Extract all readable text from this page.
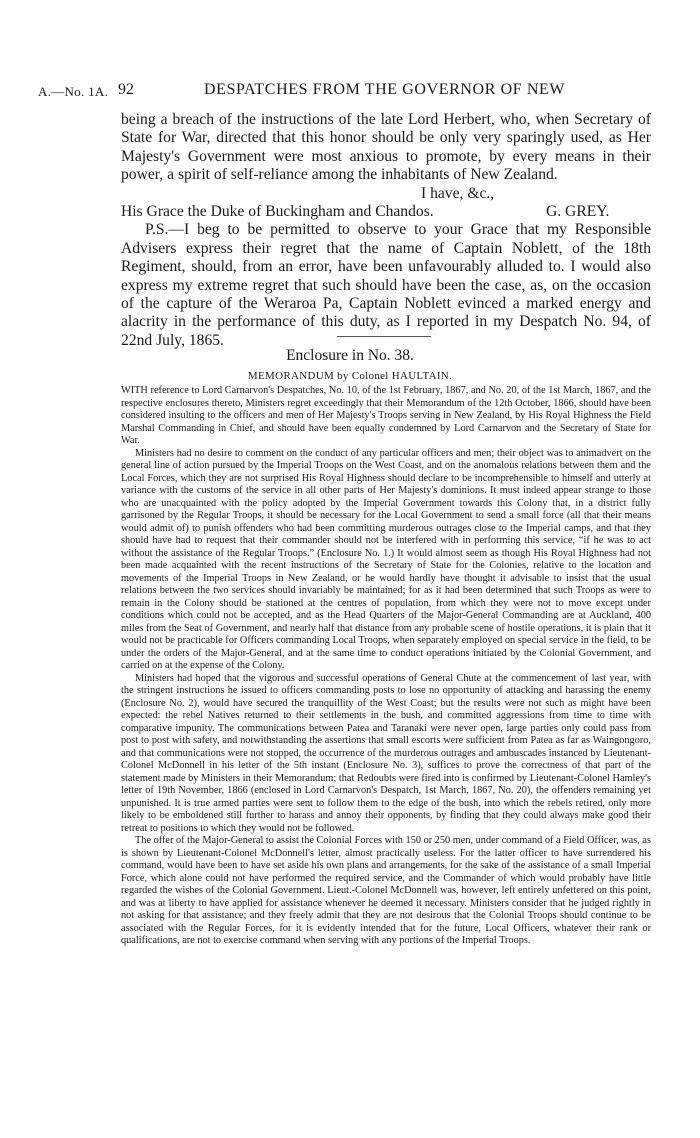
A.—No. 1A. 92	DESPATCHES FROM THE GOVERNOR OF NEW

being a breach of the instructions of the late Lord Herbert, who, when Secretary of State for War, directed that this honor should be only very sparingly used, as Her Majesty's Government were most anxious to promote, by every means in their power, a spirit of self-reliance among the inhabitants of New Zealand.

I have, &c.,
His Grace the Duke of Buckingham and Chandos.	G. GREY.

P.S.—I beg to be permitted to observe to your Grace that my Responsible Advisers express their regret that the name of Captain Noblett, of the 18th Regiment, should, from an error, have been unfavourably alluded to. I would also express my extreme regret that such should have been the case, as, on the occasion of the capture of the Weraroa Pa, Captain Noblett evinced a marked energy and alacrity in the performance of this duty, as I reported in my Despatch No. 94, of 22nd July, 1865.

Enclosure in No. 38.
MEMORANDUM by Colonel HAULTAIN.

WITH reference to Lord Carnarvon's Despatches, No. 10, of the 1st February, 1867, and No. 20, of the 1st March, 1867, and the respective enclosures thereto, Ministers regret exceedingly that their Memorandum of the 12th October, 1866, should have been considered insulting to the officers and men of Her Majesty's Troops serving in New Zealand, by His Royal Highness the Field Marshal Commanding in Chief, and should have been equally condemned by Lord Carnarvon and the Secretary of State for War.

Ministers had no desire to comment on the conduct of any particular officers and men; their object was to animadvert on the general line of action pursued by the Imperial Troops on the West Coast, and on the anomalous relations between them and the Local Forces, which they are not surprised His Royal Highness should declare to be incomprehensible to himself and utterly at variance with the customs of the service in all other parts of Her Majesty's dominions. It must indeed appear strange to those who are unacquainted with the policy adopted by the Imperial Government towards this Colony that, in a district fully garrisoned by the Regular Troops, it should be necessary for the Local Government to send a small force (all that their means would admit of) to punish offenders who had been committing murderous outrages close to the Imperial camps, and that they should have had to request that their commander should not be interfered with in performing this service, “if he was to act without the assistance of the Regular Troops.” (Enclosure No. 1.) It would almost seem as though His Royal Highness had not been made acquainted with the recent instructions of the Secretary of State for the Colonies, relative to the location and movements of the Imperial Troops in New Zealand, or he would hardly have thought it advisable to insist that the usual relations between the two services should invariably be maintained; for as it had been determined that such Troops as were to remain in the Colony should be stationed at the centres of population, from which they were not to move except under conditions which could not be accepted, and as the Head Quarters of the Major-General Commanding are at Auckland, 400 miles from the Seat of Government, and nearly half that distance from any probable scene of hostile operations, it is plain that it would not be practicable for Officers commanding Local Troops, when separately employed on special service in the field, to be under the orders of the Major-General, and at the same time to conduct operations initiated by the Colonial Government, and carried on at the expense of the Colony.

Ministers had hoped that the vigorous and successful operations of General Chute at the commencement of last year, with the stringent instructions he issued to officers commanding posts to lose no opportunity of attacking and harassing the enemy (Enclosure No. 2), would have secured the tranquillity of the West Coast; but the results were not such as might have been expected: the rebel Natives returned to their settlements in the bush, and committed aggressions from time to time with comparative impunity. The communications between Patea and Taranaki were never open, large parties only could pass from post to post with safety, and notwithstanding the assertions that small escorts were sufficient from Patea as far as Waingongoro, and that communications were not stopped, the occurrence of the murderous outrages and ambuscades instanced by Lieutenant-Colonel McDonnell in his letter of the 5th instant (Enclosure No. 3), suffices to prove the correctness of that part of the statement made by Ministers in their Memorandum; that Redoubts were fired into is confirmed by Lieutenant-Colonel Hamley's letter of 19th November, 1866 (enclosed in Lord Carnarvon's Despatch, 1st March, 1867, No. 20), the offenders remaining yet unpunished. It is true armed parties were sent to follow them to the edge of the bush, into which the rebels retired, only more likely to be emboldened still further to harass and annoy their opponents, by finding that they could always make good their retreat to positions to which they would not be followed.

The offer of the Major-General to assist the Colonial Forces with 150 or 250 men, under command of a Field Officer, was, as is shown by Lieutenant-Colonel McDonnell's letter, almost practically useless. For the latter officer to have surrendered his command, would have been to have set aside his own plans and arrangements, for the sake of the assistance of a small Imperial Force, which alone could not have performed the required service, and the Commander of which would probably have little regarded the wishes of the Colonial Government. Lieut.-Colonel McDonnell was, however, left entirely unfettered on this point, and was at liberty to have applied for assistance whenever he deemed it necessary. Ministers consider that he judged rightly in not asking for that assistance; and they freely admit that they are not desirous that the Colonial Troops should continue to be associated with the Regular Forces, for it is evidently intended that for the future, Local Officers, whatever their rank or qualifications, are not to exercise command when serving with any portions of the Imperial Troops.
